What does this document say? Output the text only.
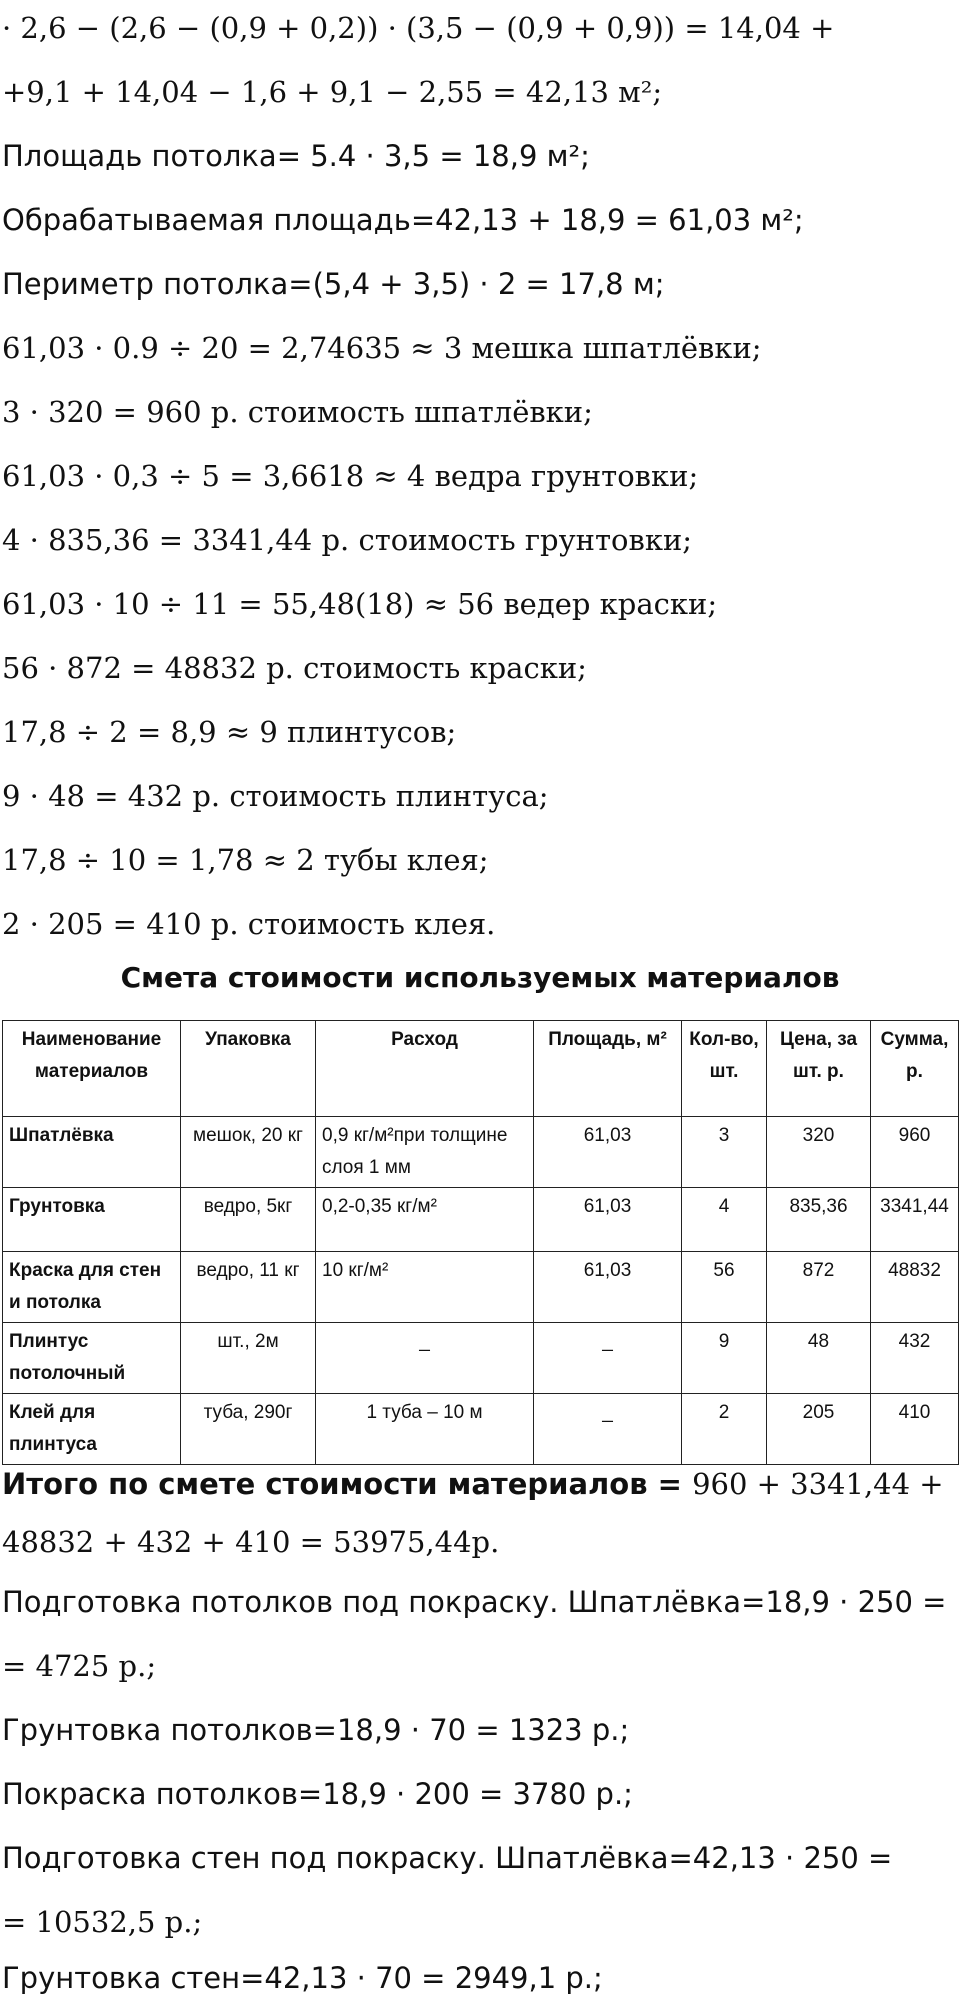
· 2,6 − (2,6 − (0,9 + 0,2)) · (3,5 − (0,9 + 0,9)) = 14,04 +
+9,1 + 14,04 − 1,6 + 9,1 − 2,55 = 42,13 м²;
Площадь потолка= 5.4 · 3,5 = 18,9 м²;
Обрабатываемая площадь=42,13 + 18,9 = 61,03 м²;
Периметр потолка=(5,4 + 3,5) · 2 = 17,8 м;
61,03 · 0.9 ÷ 20 = 2,74635 ≈ 3 мешка шпатлёвки;
3 · 320 = 960 р. стоимость шпатлёвки;
61,03 · 0,3 ÷ 5 = 3,6618 ≈ 4 ведра грунтовки;
4 · 835,36 = 3341,44 р. стоимость грунтовки;
61,03 · 10 ÷ 11 = 55,48(18) ≈ 56 ведер краски;
56 · 872 = 48832 р. стоимость краски;
17,8 ÷ 2 = 8,9 ≈ 9 плинтусов;
9 · 48 = 432 р. стоимость плинтуса;
17,8 ÷ 10 = 1,78 ≈ 2 тубы клея;
2 · 205 = 410 р. стоимость клея.
Смета стоимости используемых материалов
Наименование материалов	Упаковка	Расход	Площадь, м²	Кол-во, шт.	Цена, за шт. р.	Сумма, р.
Шпатлёвка	мешок, 20 кг	0,9 кг/м²при толщине слоя 1 мм	61,03	3	320	960
Грунтовка	ведро, 5кг	0,2-0,35 кг/м²	61,03	4	835,36	3341,44
Краска для стен и потолка	ведро, 11 кг	10 кг/м²	61,03	56	872	48832
Плинтус потолочный	шт., 2м	_	_	9	48	432
Клей для плинтуса	туба, 290г	1 туба – 10 м	_	2	205	410
Итого по смете стоимости материалов = 960 + 3341,44 +
48832 + 432 + 410 = 53975,44р.
Подготовка потолков под покраску. Шпатлёвка=18,9 · 250 =
= 4725 р.;
Грунтовка потолков=18,9 · 70 = 1323 р.;
Покраска потолков=18,9 · 200 = 3780 р.;
Подготовка стен под покраску. Шпатлёвка=42,13 · 250 =
= 10532,5 р.;
Грунтовка стен=42,13 · 70 = 2949,1 р.;
